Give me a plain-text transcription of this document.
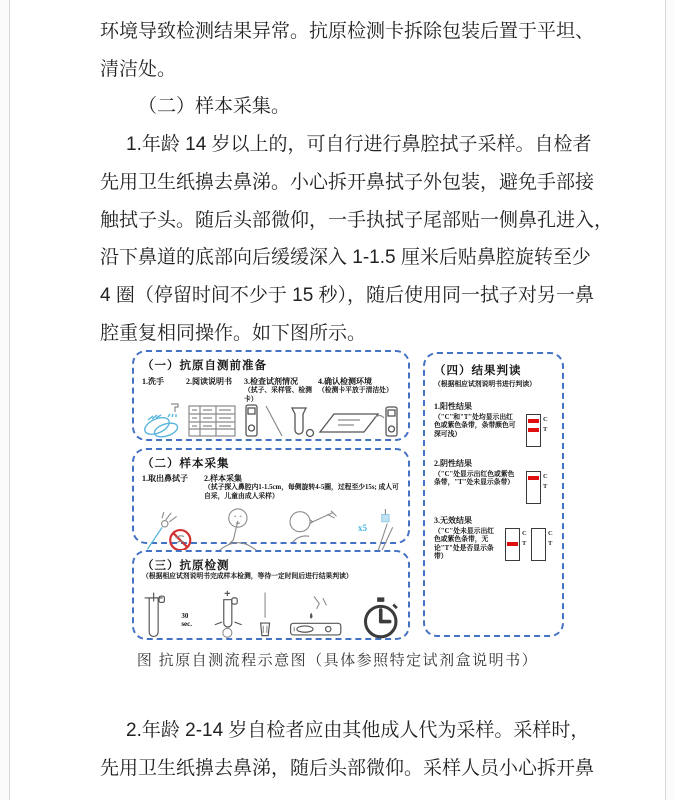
环境导致检测结果异常。抗原检测卡拆除包装后置于平坦、
清洁处。
（二）样本采集。
1.年龄 14 岁以上的，可自行进行鼻腔拭子采样。自检者
先用卫生纸擤去鼻涕。小心拆开鼻拭子外包装，避免手部接
触拭子头。随后头部微仰，一手执拭子尾部贴一侧鼻孔进入，
沿下鼻道的底部向后缓缓深入 1-1.5 厘米后贴鼻腔旋转至少
4 圈（停留时间不少于 15 秒），随后使用同一拭子对另一鼻
腔重复相同操作。如下图所示。
（一）抗原自测前准备
1.洗手	2.阅读说明书	3.检查试剂情况
（拭子、采样管、检测卡）
4.确认检测环境
（检测卡平放于清洁处）
（二）样本采集
1.取出鼻拭子	2.样本采集
（拭子探入鼻腔内1-1.5cm，每侧旋转4-5圈，过程至少15s; 成人可自采，儿童由成人采样）
x5
（三）抗原检测
（根据相应试剂说明书完成样本检测，等待一定时间后进行结果判读）
30 sec.
（四）结果判读
（根据相应试剂说明书进行判读）
1.阳性结果
（"C"和"T"处均显示出红色或紫色条带，条带颜色可深可浅）
C
T
2.阴性结果
（"C"处显示出红色或紫色条带，"T"处未显示条带）
C
T
3.无效结果
（"C"处未显示出红色或紫色条带，无论"T"处是否显示条带）
C
T
C
T
图 抗原自测流程示意图（具体参照特定试剂盒说明书）
2.年龄 2-14 岁自检者应由其他成人代为采样。采样时，
先用卫生纸擤去鼻涕，随后头部微仰。采样人员小心拆开鼻
